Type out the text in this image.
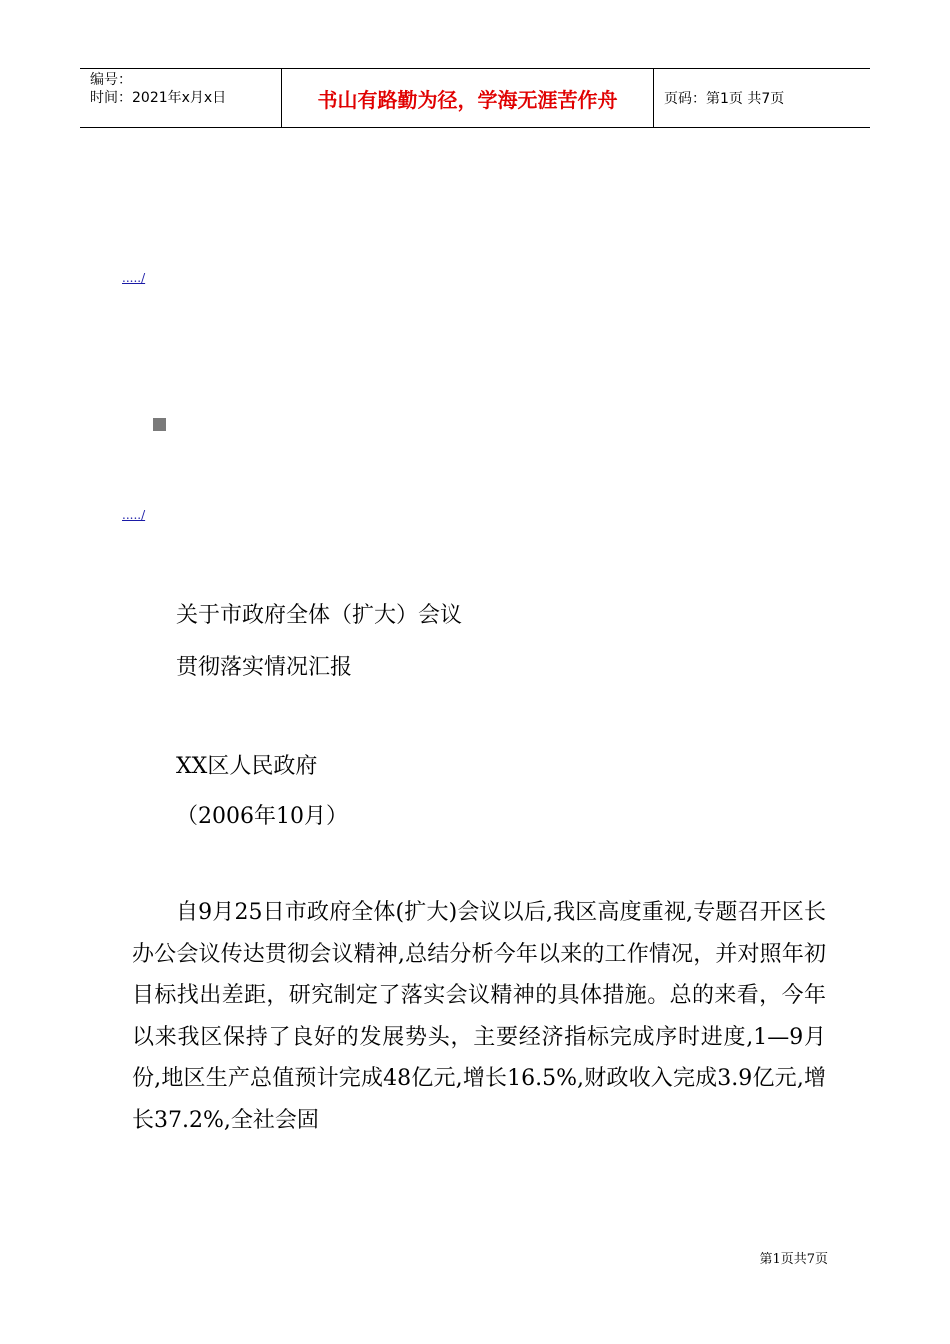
编号：
时间：2021年x月x日	书山有路勤为径，学海无涯苦作舟	页码：第1页 共7页
...../
...../
关于市政府全体（扩大）会议
贯彻落实情况汇报
XX区人民政府
（2006年10月）

自9月25日市政府全体(扩大)会议以后,我区高度重视,专题召开区长办公会议传达贯彻会议精神,总结分析今年以来的工作情况，并对照年初目标找出差距，研究制定了落实会议精神的具体措施。总的来看，今年以来我区保持了良好的发展势头，主要经济指标完成序时进度,1—9月份,地区生产总值预计完成48亿元,增长16.5%,财政收入完成3.9亿元,增长37.2%,全社会固

第1页共7页
